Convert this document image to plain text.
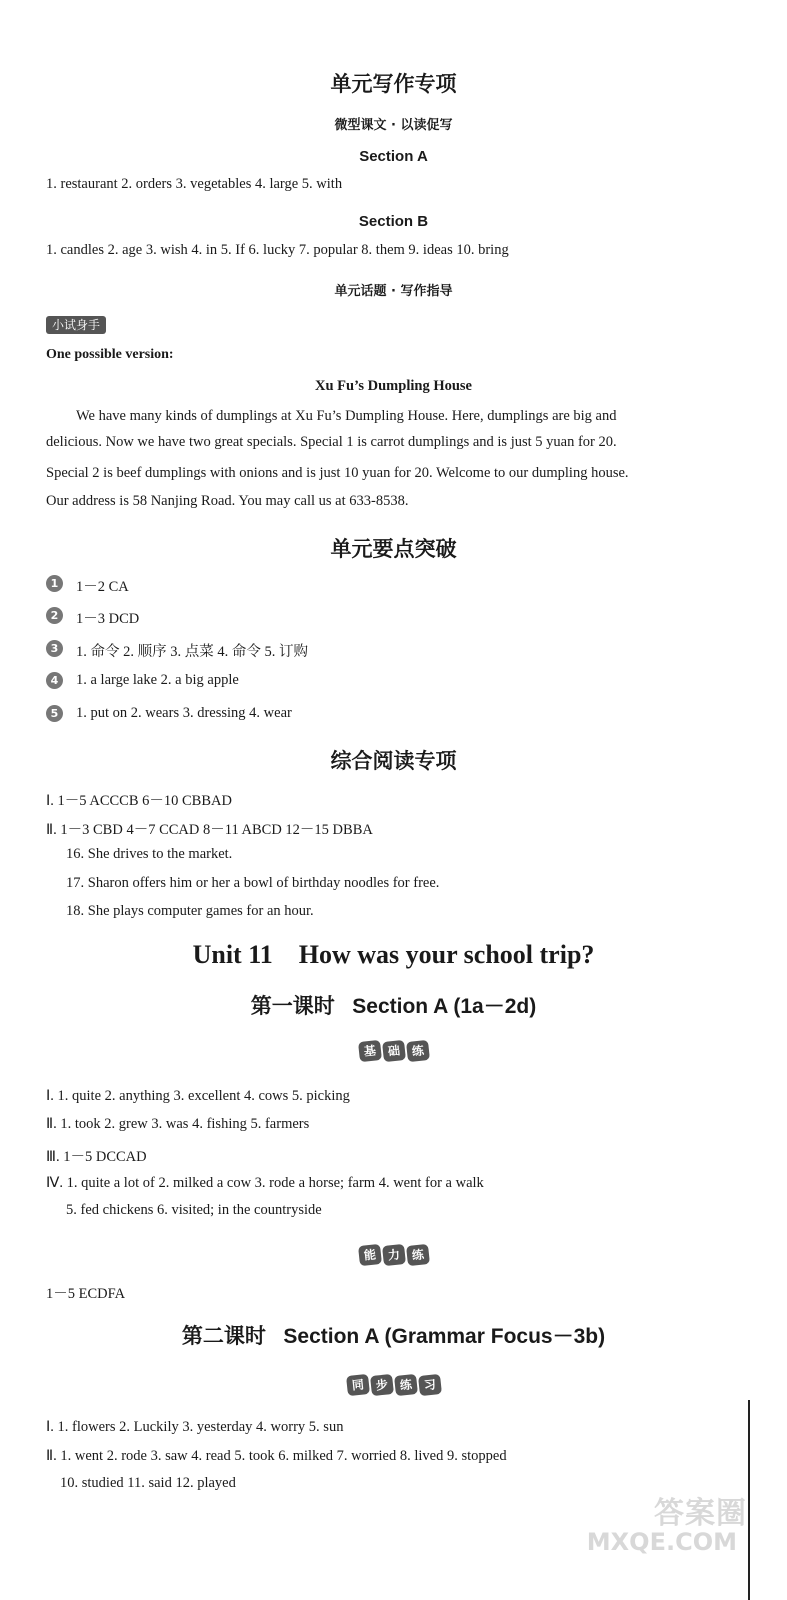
单元写作专项
微型课文 · 以读促写
Section A
1. restaurant 2. orders 3. vegetables 4. large 5. with
Section B
1. candles 2. age 3. wish 4. in 5. If 6. lucky 7. popular 8. them 9. ideas 10. bring
单元话题 · 写作指导
小试身手
One possible version:
Xu Fu’s Dumpling House
We have many kinds of dumplings at Xu Fu’s Dumpling House. Here, dumplings are big and
delicious. Now we have two great specials. Special 1 is carrot dumplings and is just 5 yuan for 20.
Special 2 is beef dumplings with onions and is just 10 yuan for 20. Welcome to our dumpling house.
Our address is 58 Nanjing Road. You may call us at 633-8538.
单元要点突破
1	1－2 CA
2	1－3 DCD
3	1. 命令 2. 顺序 3. 点菜 4. 命令 5. 订购
4	1. a large lake 2. a big apple
5	1. put on 2. wears 3. dressing 4. wear
综合阅读专项
Ⅰ. 1－5 ACCCB 6－10 CBBAD
Ⅱ. 1－3 CBD 4－7 CCAD 8－11 ABCD 12－15 DBBA
16. She drives to the market.
17. Sharon offers him or her a bowl of birthday noodles for free.
18. She plays computer games for an hour.
Unit 11    How was your school trip?
第一课时   Section A (1a－2d)
基 础 练
Ⅰ. 1. quite 2. anything 3. excellent 4. cows 5. picking
Ⅱ. 1. took 2. grew 3. was 4. fishing 5. farmers
Ⅲ. 1－5 DCCAD
Ⅳ. 1. quite a lot of 2. milked a cow 3. rode a horse; farm 4. went for a walk
5. fed chickens 6. visited; in the countryside
能 力 练
1－5 ECDFA
第二课时   Section A (Grammar Focus－3b)
同 步 练 习
Ⅰ. 1. flowers 2. Luckily 3. yesterday 4. worry 5. sun
Ⅱ. 1. went 2. rode 3. saw 4. read 5. took 6. milked 7. worried 8. lived 9. stopped
10. studied 11. said 12. played
答案圈
MXQE.COM
